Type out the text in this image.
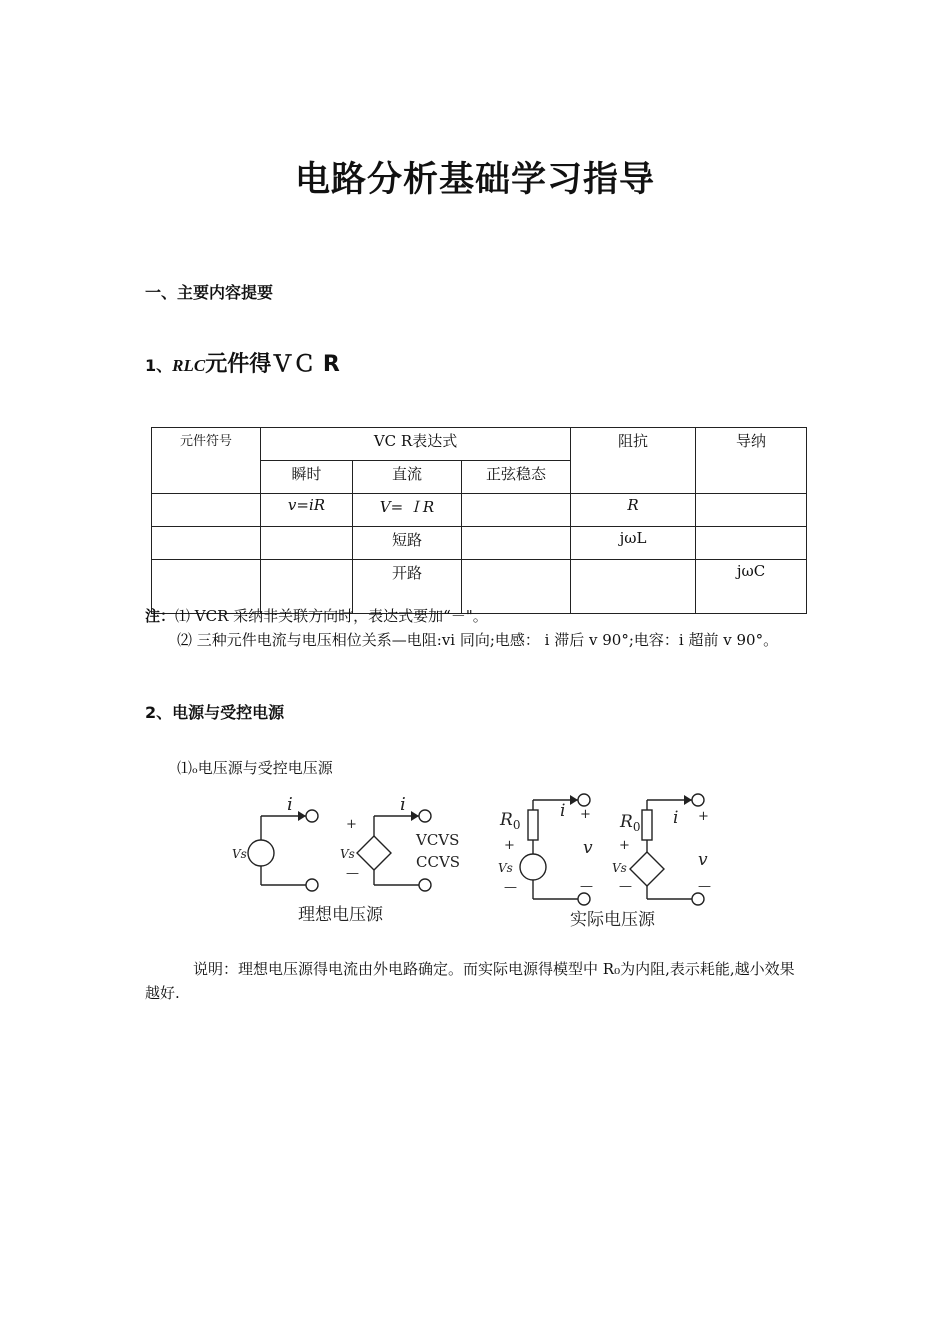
电路分析基础学习指导
一、主要内容提要
1、RLC元件得ＶＣ R
元件符号	VC R表达式			阻抗	导纳
	瞬时	直流	正弦稳态		
	v=iR	V= ＩR		R	
		短路		jωL	
		开路			jωC
注：⑴ VCR 采纳非关联方向时，表达式要加“－"。
⑵ 三种元件电流与电压相位关系—电阻:vi 同向;电感： i 滞后 v 90°;电容：i 超前 v 90°。
2、电源与受控电源
⑴ₒ电压源与受控电压源
i
Vs
i
+
Vs
—
VCVS
CCVS
理想电压源
$R_0$
+
Vs
—
i +
v
—
$R_0$
+
Vs
—
i +
v
—
实际电压源
说明：理想电压源得电流由外电路确定。而实际电源得模型中 R₀为内阻,表示耗能,越小效果越好.
